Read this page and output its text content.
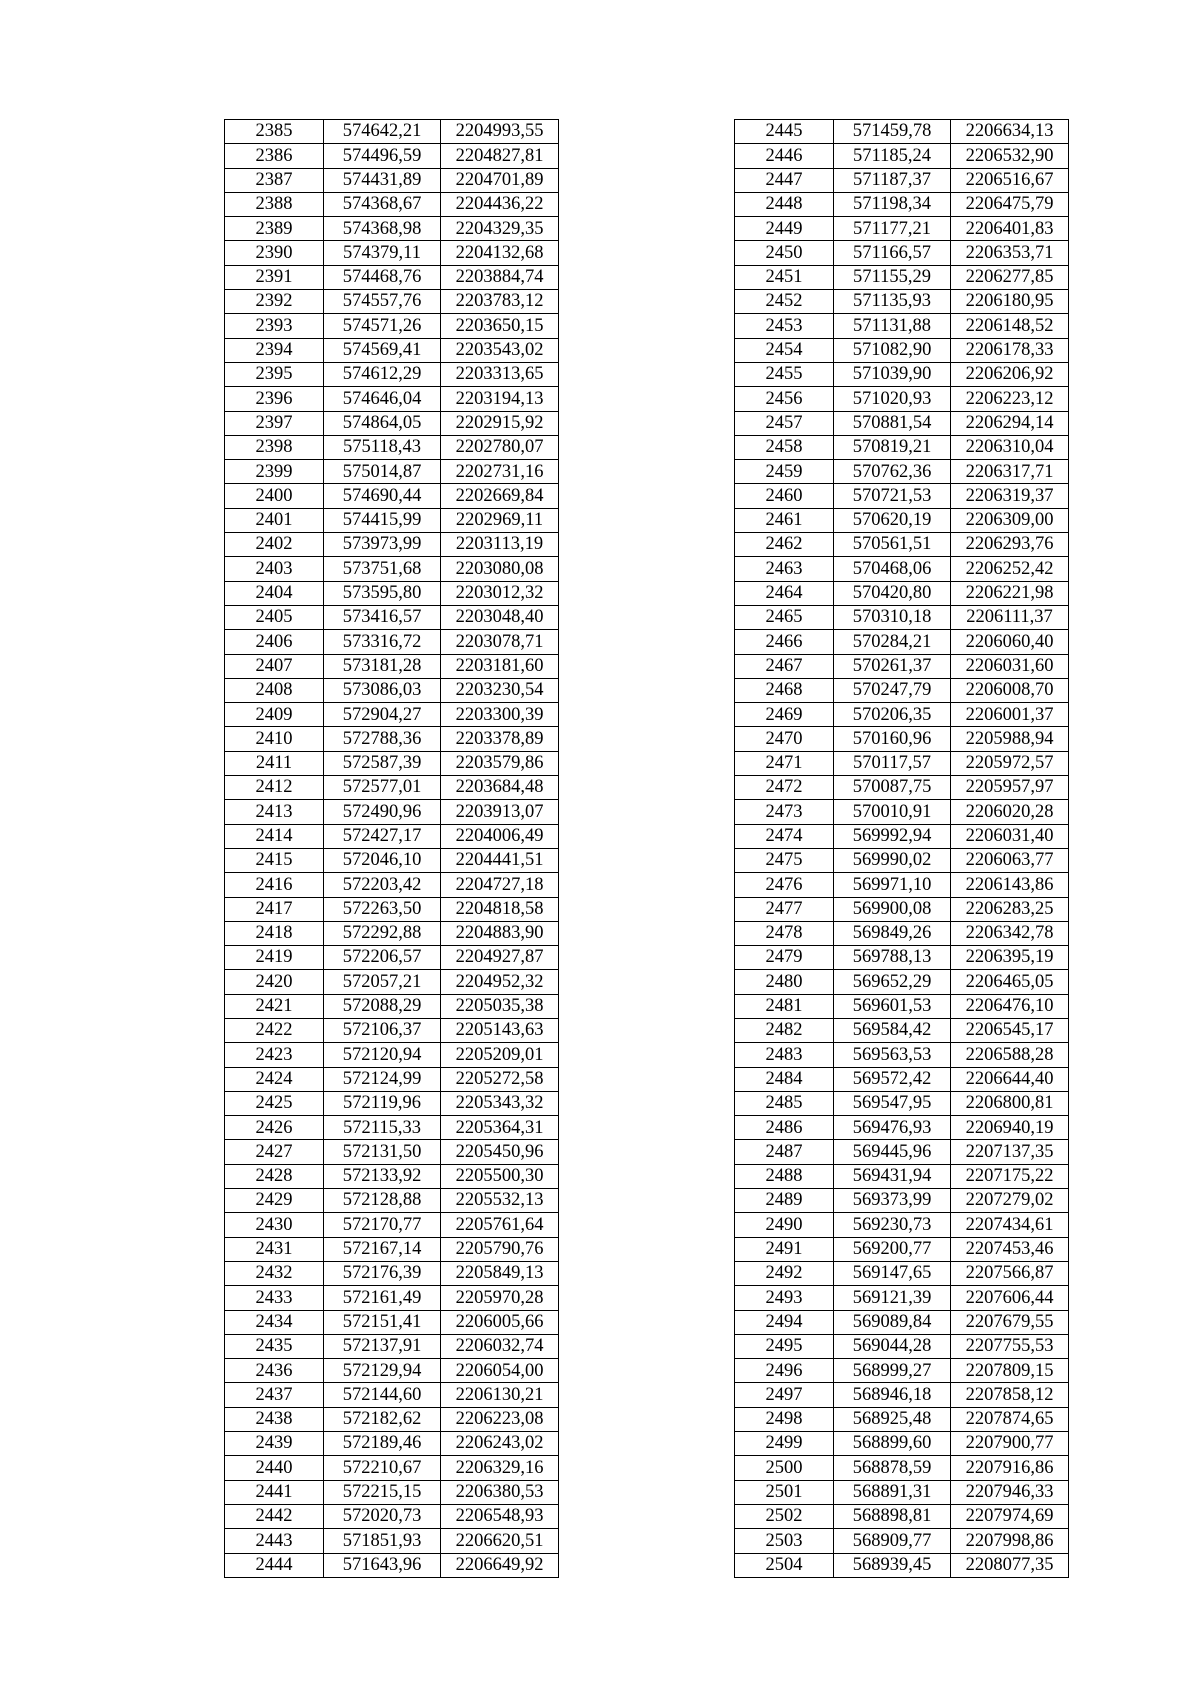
2385	574642,21	2204993,55
2386	574496,59	2204827,81
2387	574431,89	2204701,89
2388	574368,67	2204436,22
2389	574368,98	2204329,35
2390	574379,11	2204132,68
2391	574468,76	2203884,74
2392	574557,76	2203783,12
2393	574571,26	2203650,15
2394	574569,41	2203543,02
2395	574612,29	2203313,65
2396	574646,04	2203194,13
2397	574864,05	2202915,92
2398	575118,43	2202780,07
2399	575014,87	2202731,16
2400	574690,44	2202669,84
2401	574415,99	2202969,11
2402	573973,99	2203113,19
2403	573751,68	2203080,08
2404	573595,80	2203012,32
2405	573416,57	2203048,40
2406	573316,72	2203078,71
2407	573181,28	2203181,60
2408	573086,03	2203230,54
2409	572904,27	2203300,39
2410	572788,36	2203378,89
2411	572587,39	2203579,86
2412	572577,01	2203684,48
2413	572490,96	2203913,07
2414	572427,17	2204006,49
2415	572046,10	2204441,51
2416	572203,42	2204727,18
2417	572263,50	2204818,58
2418	572292,88	2204883,90
2419	572206,57	2204927,87
2420	572057,21	2204952,32
2421	572088,29	2205035,38
2422	572106,37	2205143,63
2423	572120,94	2205209,01
2424	572124,99	2205272,58
2425	572119,96	2205343,32
2426	572115,33	2205364,31
2427	572131,50	2205450,96
2428	572133,92	2205500,30
2429	572128,88	2205532,13
2430	572170,77	2205761,64
2431	572167,14	2205790,76
2432	572176,39	2205849,13
2433	572161,49	2205970,28
2434	572151,41	2206005,66
2435	572137,91	2206032,74
2436	572129,94	2206054,00
2437	572144,60	2206130,21
2438	572182,62	2206223,08
2439	572189,46	2206243,02
2440	572210,67	2206329,16
2441	572215,15	2206380,53
2442	572020,73	2206548,93
2443	571851,93	2206620,51
2444	571643,96	2206649,92
2445	571459,78	2206634,13
2446	571185,24	2206532,90
2447	571187,37	2206516,67
2448	571198,34	2206475,79
2449	571177,21	2206401,83
2450	571166,57	2206353,71
2451	571155,29	2206277,85
2452	571135,93	2206180,95
2453	571131,88	2206148,52
2454	571082,90	2206178,33
2455	571039,90	2206206,92
2456	571020,93	2206223,12
2457	570881,54	2206294,14
2458	570819,21	2206310,04
2459	570762,36	2206317,71
2460	570721,53	2206319,37
2461	570620,19	2206309,00
2462	570561,51	2206293,76
2463	570468,06	2206252,42
2464	570420,80	2206221,98
2465	570310,18	2206111,37
2466	570284,21	2206060,40
2467	570261,37	2206031,60
2468	570247,79	2206008,70
2469	570206,35	2206001,37
2470	570160,96	2205988,94
2471	570117,57	2205972,57
2472	570087,75	2205957,97
2473	570010,91	2206020,28
2474	569992,94	2206031,40
2475	569990,02	2206063,77
2476	569971,10	2206143,86
2477	569900,08	2206283,25
2478	569849,26	2206342,78
2479	569788,13	2206395,19
2480	569652,29	2206465,05
2481	569601,53	2206476,10
2482	569584,42	2206545,17
2483	569563,53	2206588,28
2484	569572,42	2206644,40
2485	569547,95	2206800,81
2486	569476,93	2206940,19
2487	569445,96	2207137,35
2488	569431,94	2207175,22
2489	569373,99	2207279,02
2490	569230,73	2207434,61
2491	569200,77	2207453,46
2492	569147,65	2207566,87
2493	569121,39	2207606,44
2494	569089,84	2207679,55
2495	569044,28	2207755,53
2496	568999,27	2207809,15
2497	568946,18	2207858,12
2498	568925,48	2207874,65
2499	568899,60	2207900,77
2500	568878,59	2207916,86
2501	568891,31	2207946,33
2502	568898,81	2207974,69
2503	568909,77	2207998,86
2504	568939,45	2208077,35
